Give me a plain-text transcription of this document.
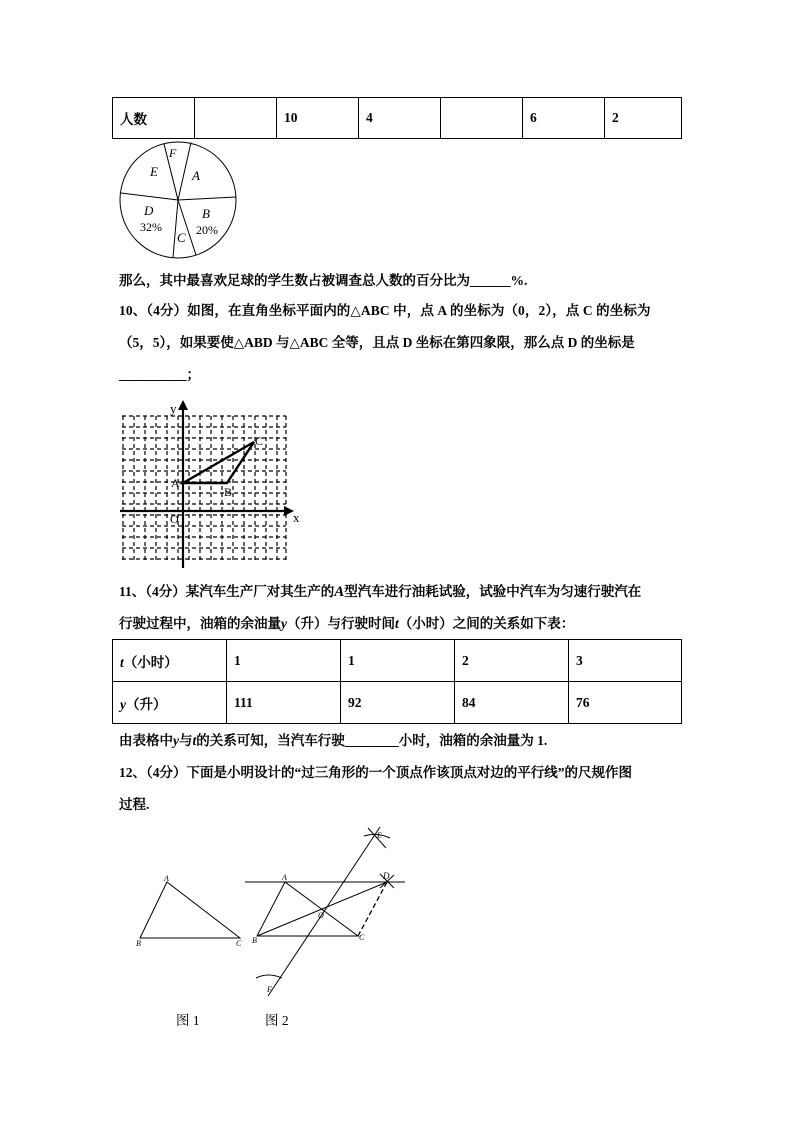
人数		10	4		6	2
A
B
20%
C
D
32%
E
F
那么，其中最喜欢足球的学生数占被调查总人数的百分比为______%.
10、（4分）如图，在直角坐标平面内的△ABC 中，点 A 的坐标为（0，2），点 C 的坐标为
（5，5），如果要使△ABD 与△ABC 全等，且点 D 坐标在第四象限，那么点 D 的坐标是
__________；
y
x
A
B
C
O
11、（4分）某汽车生产厂对其生产的A型汽车进行油耗试验，试验中汽车为匀速行驶汽在
行驶过程中，油箱的余油量y（升）与行驶时间t（小时）之间的关系如下表：
t（小时）	1	1	2	3
y（升）	111	92	84	76
由表格中y与t的关系可知，当汽车行驶________小时，油箱的余油量为 1.
12、（4分）下面是小明设计的“过三角形的一个顶点作该顶点对边的平行线”的尺规作图
过程.
A
B	C
A
B	C
D
E
F
O
图 1	图 2
